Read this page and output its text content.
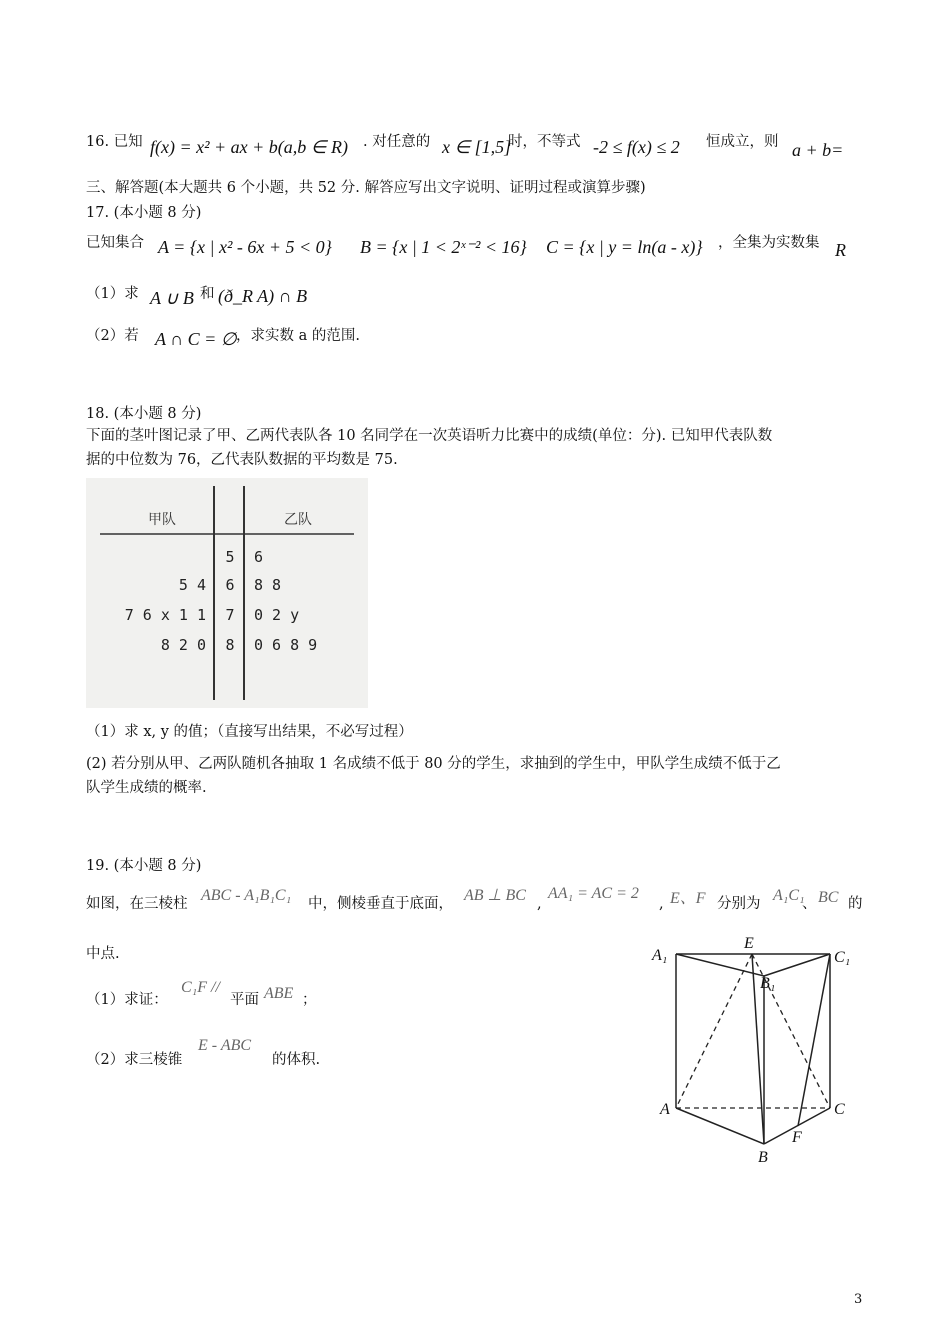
16. 已知 f(x) = x² + ax + b(a,b ∈ R) . 对任意的 x ∈ [1,5]
时，不等式 -2 ≤ f(x) ≤ 2 恒成立，则 a + b=
三、解答题(本大题共 6 个小题，共 52 分. 解答应写出文字说明、证明过程或演算步骤)
17. (本小题 8 分)
已知集合 A = {x | x² - 6x + 5 < 0} B = {x | 1 < 2ˣ⁻² < 16} C = {x | y = ln(a - x)} ，全集为实数集 R
（1）求 A ∪ B 和 (ð_R A) ∩ B
（2）若 A ∩ C = ∅ ，求实数 a 的范围.
18. (本小题 8 分)
下面的茎叶图记录了甲、乙两代表队各 10 名同学在一次英语听力比赛中的成绩(单位：分). 已知甲代表队数
据的中位数为 76，乙代表队数据的平均数是 75.
甲队	乙队
5 6
5 4 6 8 8
7 6 x 1 1 7 0 2 y
8 2 0 8 0 6 8 9
（1）求 x, y 的值；（直接写出结果，不必写过程）
(2) 若分别从甲、乙两队随机各抽取 1 名成绩不低于 80 分的学生，求抽到的学生中，甲队学生成绩不低于乙
队学生成绩的概率.
19. (本小题 8 分)
如图，在三棱柱 ABC - A₁B₁C₁ 中，侧棱垂直于底面， AB ⊥ BC ,
AA₁ = AC = 2
, E、F 分别为 A₁C₁
、 BC 的
中点.
（1）求证：
C₁F //
平面 ABE ；
（2）求三棱锥
E - ABC
的体积.
A₁
E
C₁
B₁
A	C
F
B
3
